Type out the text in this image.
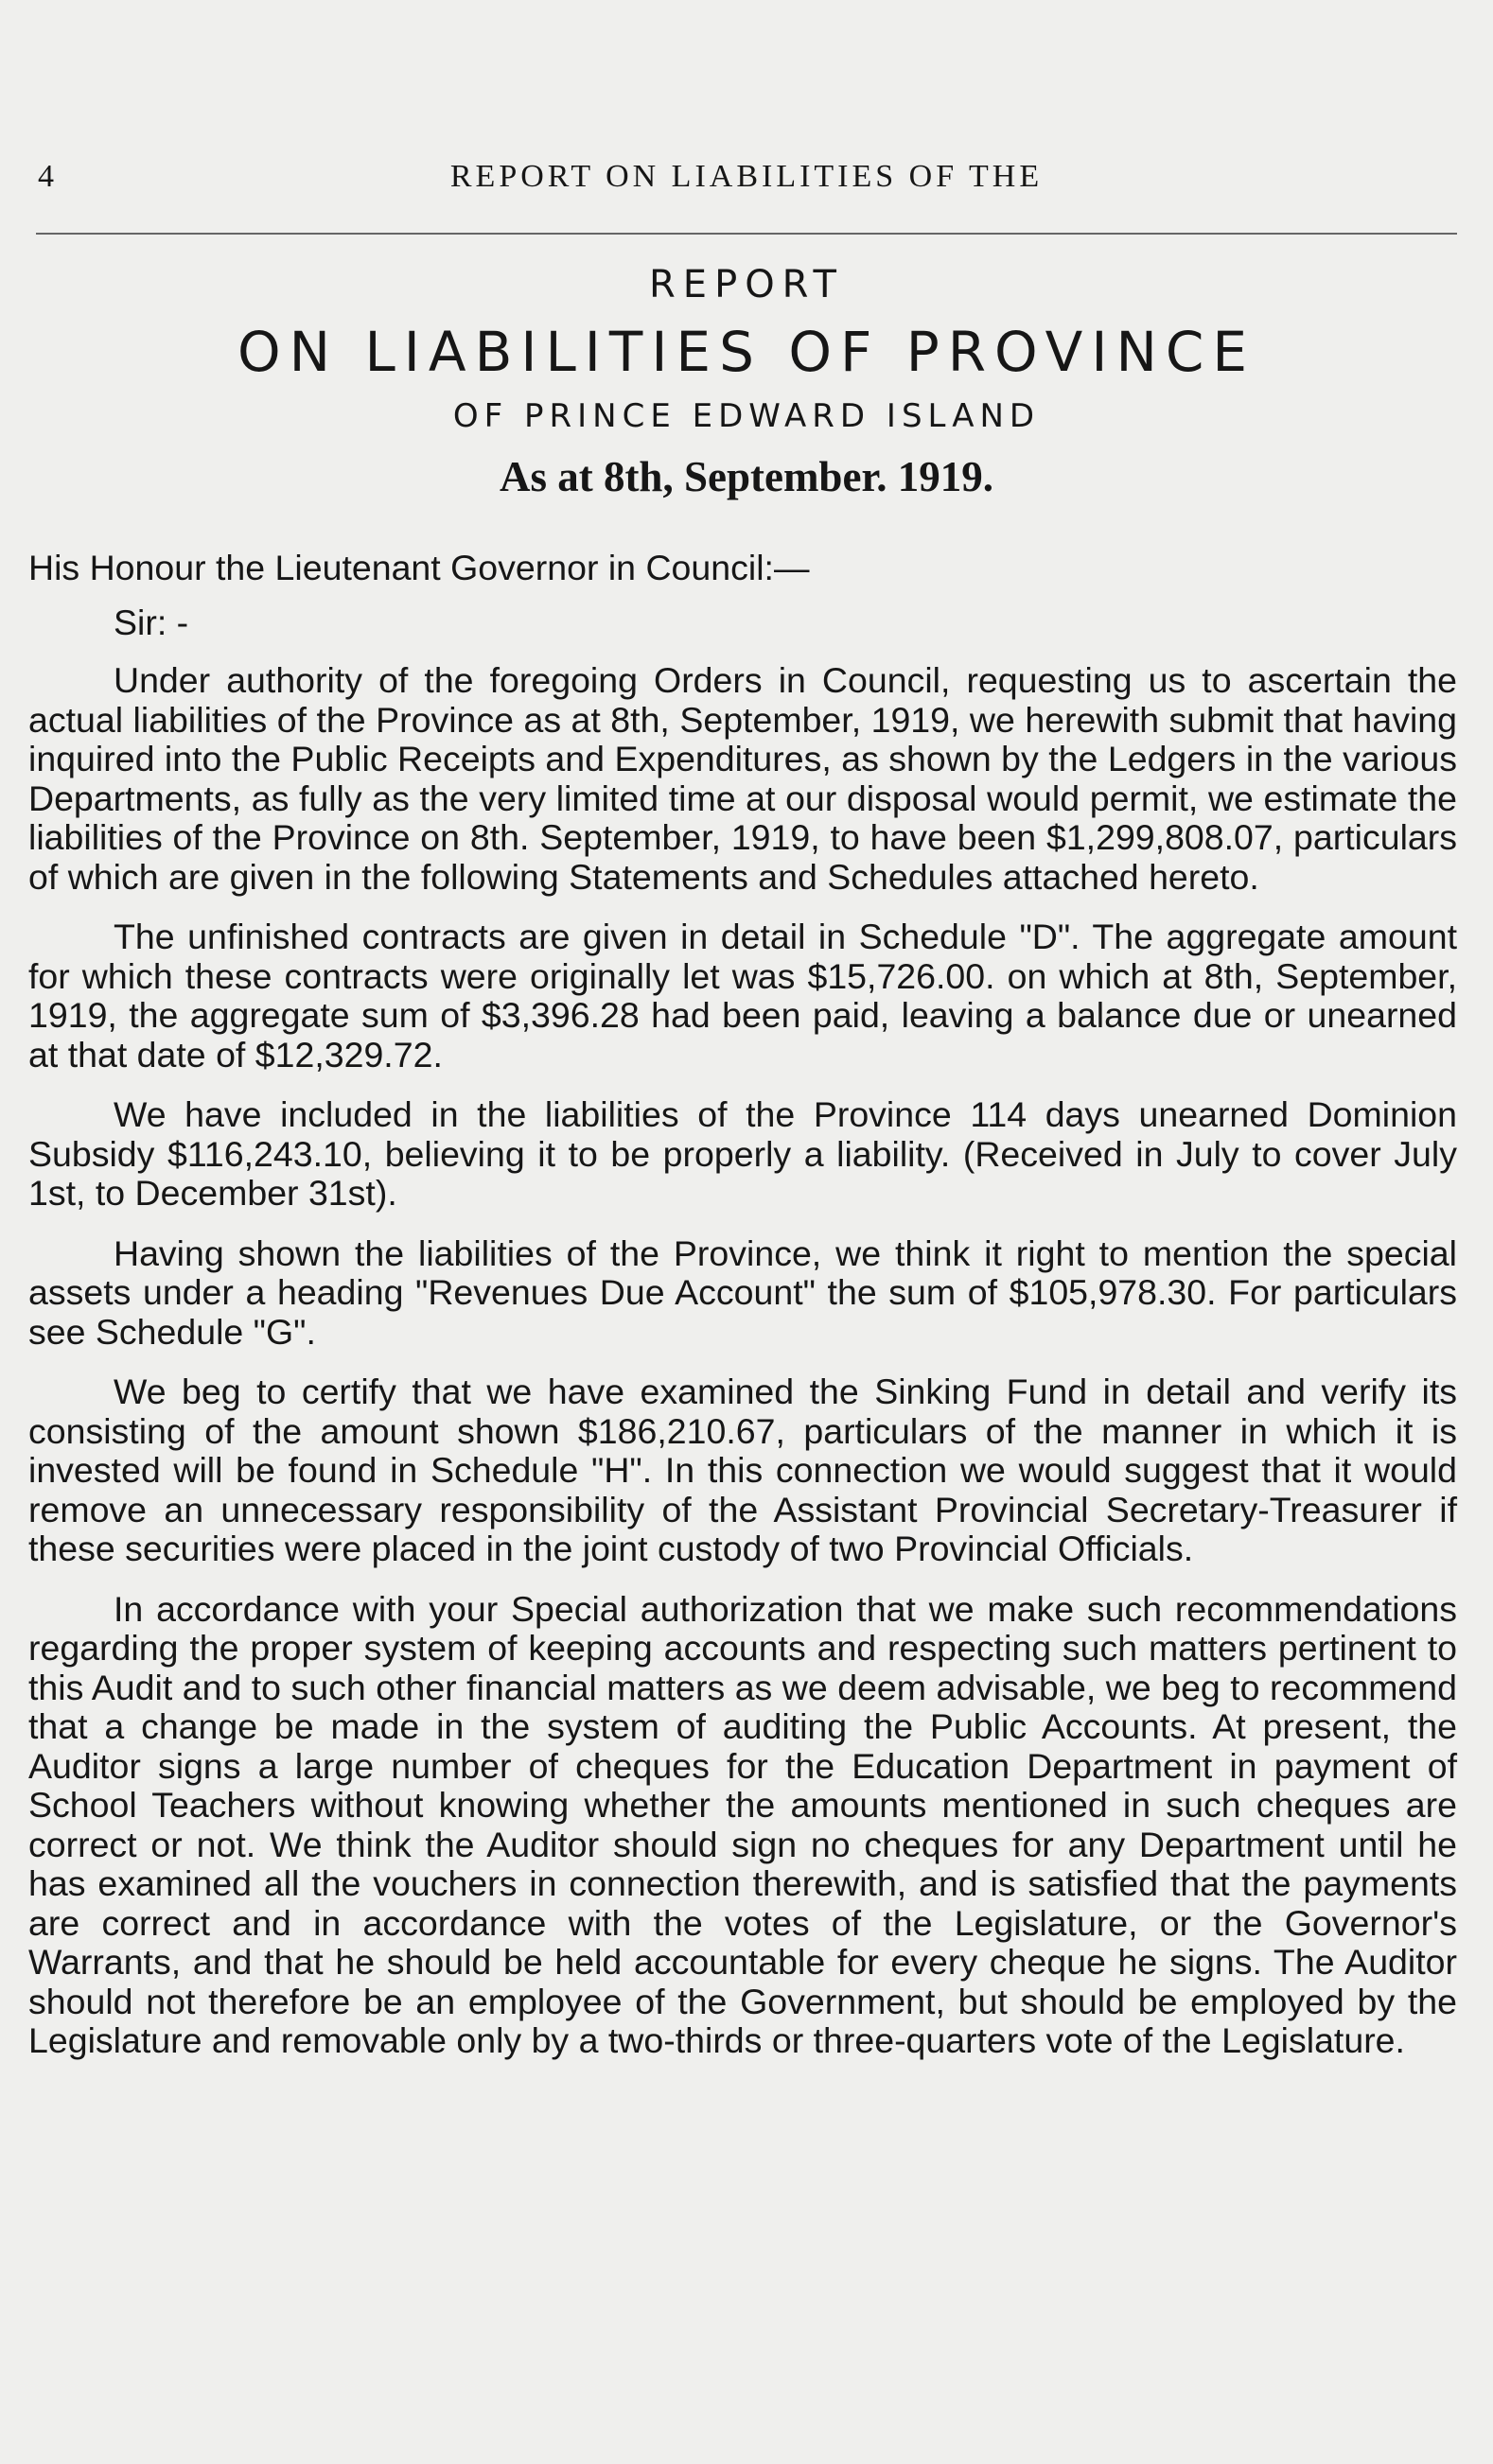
4	REPORT ON LIABILITIES OF THE
REPORT
ON LIABILITIES OF PROVINCE
OF PRINCE EDWARD ISLAND
As at 8th, September. 1919.

His Honour the Lieutenant Governor in Council:—

Sir: -

Under authority of the foregoing Orders in Council, requesting us to ascertain the actual liabilities of the Province as at 8th, September, 1919, we herewith submit that having inquired into the Public Receipts and Expenditures, as shown by the Ledgers in the various Departments, as fully as the very limited time at our disposal would permit, we estimate the liabilities of the Province on 8th. September, 1919, to have been $1,299,808.07, particulars of which are given in the following Statements and Schedules attached hereto.

The unfinished contracts are given in detail in Schedule "D". The aggregate amount for which these contracts were originally let was $15,726.00. on which at 8th, September, 1919, the aggregate sum of $3,396.28 had been paid, leaving a balance due or unearned at that date of $12,329.72.

We have included in the liabilities of the Province 114 days unearned Dominion Subsidy $116,243.10, believing it to be properly a liability. (Received in July to cover July 1st, to December 31st).

Having shown the liabilities of the Province, we think it right to mention the special assets under a heading "Revenues Due Account" the sum of $105,978.30. For particulars see Schedule "G".

We beg to certify that we have examined the Sinking Fund in detail and verify its consisting of the amount shown $186,210.67, particulars of the manner in which it is invested will be found in Schedule "H". In this connection we would suggest that it would remove an unnecessary responsibility of the Assistant Provincial Secretary-Treasurer if these securities were placed in the joint custody of two Provincial Officials.

In accordance with your Special authorization that we make such recommendations regarding the proper system of keeping accounts and respecting such matters pertinent to this Audit and to such other financial matters as we deem advisable, we beg to recommend that a change be made in the system of auditing the Public Accounts. At present, the Auditor signs a large number of cheques for the Education Department in payment of School Teachers without knowing whether the amounts mentioned in such cheques are correct or not. We think the Auditor should sign no cheques for any Department until he has examined all the vouchers in connection therewith, and is satisfied that the payments are correct and in accordance with the votes of the Legislature, or the Governor's Warrants, and that he should be held accountable for every cheque he signs. The Auditor should not therefore be an employee of the Government, but should be employed by the Legislature and removable only by a two-thirds or three-quarters vote of the Legislature.
